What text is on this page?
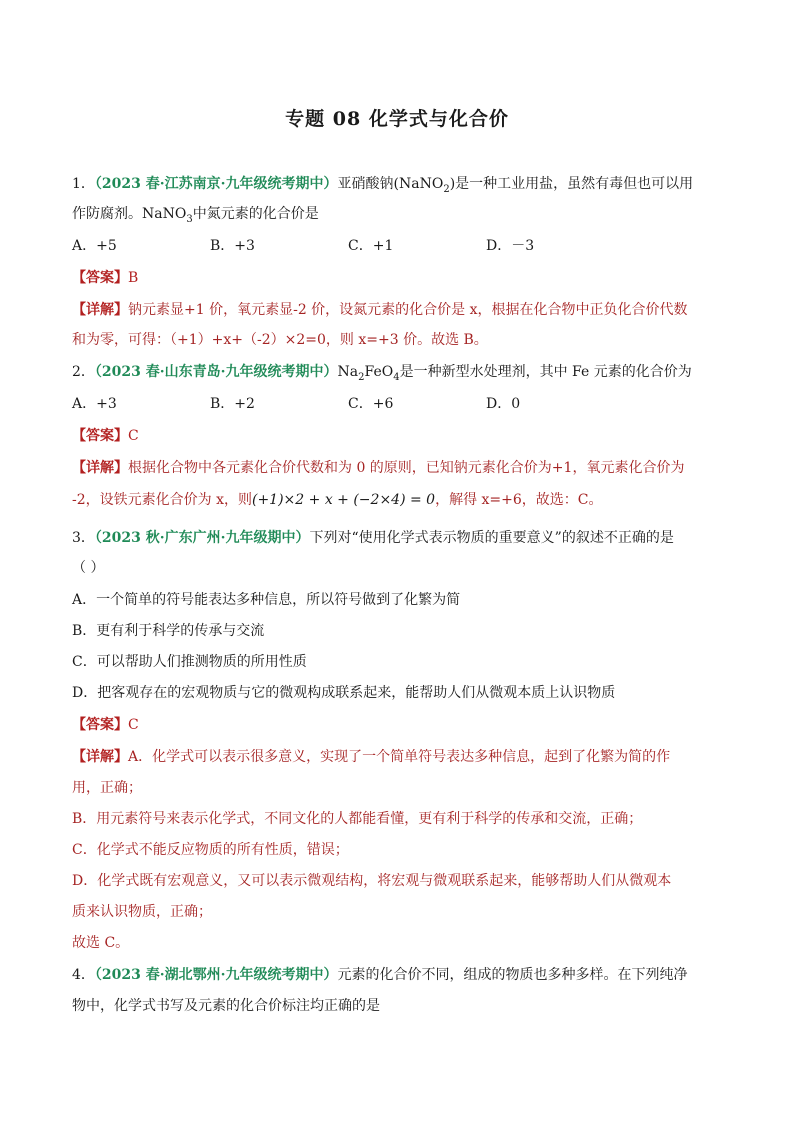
专题 08 化学式与化合价
1．（2023 春·江苏南京·九年级统考期中）亚硝酸钠(NaNO$_2$)是一种工业用盐，虽然有毒但也可以用
作防腐剂。NaNO$_3$中氮元素的化合价是
A．+5	B．+3	C．+1	D．－3
【答案】B
【详解】钠元素显+1 价，氧元素显-2 价，设氮元素的化合价是 x，根据在化合物中正负化合价代数
和为零，可得：（+1）+x+（-2）×2=0，则 x=+3 价。故选 B。
2．（2023 春·山东青岛·九年级统考期中）$Na_2FeO_4$是一种新型水处理剂，其中 Fe 元素的化合价为
A．+3	B．+2	C．+6	D．0
【答案】C
【详解】根据化合物中各元素化合价代数和为 0 的原则，已知钠元素化合价为+1，氧元素化合价为
-2，设铁元素化合价为 x，则(+1)×2 + x + (−2×4) = 0，解得 x=+6，故选：C。
3．（2023 秋·广东广州·九年级期中）下列对“使用化学式表示物质的重要意义”的叙述不正确的是
（ ）
A．一个简单的符号能表达多种信息，所以符号做到了化繁为简
B．更有利于科学的传承与交流
C．可以帮助人们推测物质的所用性质
D．把客观存在的宏观物质与它的微观构成联系起来，能帮助人们从微观本质上认识物质
【答案】C
【详解】A．化学式可以表示很多意义，实现了一个简单符号表达多种信息，起到了化繁为简的作
用，正确；
B．用元素符号来表示化学式，不同文化的人都能看懂，更有利于科学的传承和交流，正确；
C．化学式不能反应物质的所有性质，错误；
D．化学式既有宏观意义，又可以表示微观结构，将宏观与微观联系起来，能够帮助人们从微观本
质来认识物质，正确；
故选 C。
4．（2023 春·湖北鄂州·九年级统考期中）元素的化合价不同，组成的物质也多种多样。在下列纯净
物中，化学式书写及元素的化合价标注均正确的是
